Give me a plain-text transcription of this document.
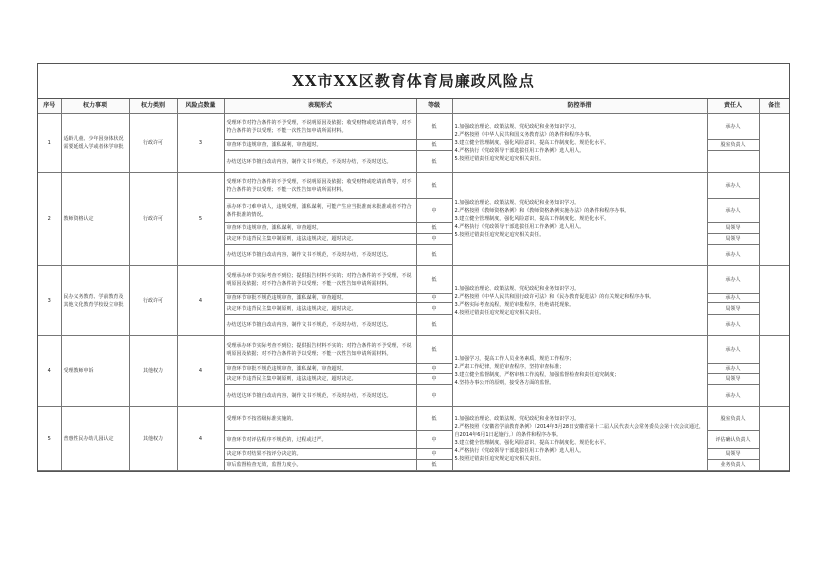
XX市XX区教育体育局廉政风险点
序号	权力事项	权力类别	风险点数量	表现形式	等级	防控举措	责任人	备注
1	适龄儿童、少年因身体状况需要延缓入学或者休学审批	行政许可	3	受理环节对符合条件的不予受理，不说明原因及依据；收受财物或吃请消费等，对不符合条件的予以受理；不能一次性告知申请所需材料。	低	1.加强政治理论、政策法规、党纪政纪和业务知识学习。
2.严格按照《中华人民共和国义务教育法》的条件和程序办事。
3.建立健全管理制度，强化风险意识，提高工作制度化、规范化水平。
4.严格执行《党政领导干部选拔任用工作条例》选人用人。
5.按照过错责任追究规定追究相关责任。	承办人	
				审查环节违规审查，滥私谋利，审查超时。	低		股室负责人	
				办结送达环节擅自改动内容，制作文书不规范，不及时办结，不及时送达。	低			
2	教师资格认定	行政许可	5	受理环节对符合条件的不予受理，不说明原因及依据；收受财物或吃请消费等，对不符合条件的予以受理；不能一次性告知申请所需材料。	低	1.加强政治理论、政策法规、党纪政纪和业务知识学习。
2.严格按照《教师资格条例》和《教师资格条例实施办法》的条件和程序办事。
3.建立健全管理制度，强化风险意识，提高工作制度化、规范化水平。
4.严格执行《党政领导干部选拔任用工作条例》选人用人。
5.按照过错责任追究规定追究相关责任。	承办人	
				承办环节刁难申请人，违规受理，滥私谋利，可能产生应当批准而未批准或者不符合条件批准的情况。	中		承办人	
				审查环节违规审查，滥私谋利，审查超时。	低		局领导	
				决定环节违背民主集中制原则，违法违规决定，超时决定。	中		局领导	
				办结送达环节擅自改动内容，制作文书不规范，不及时办结，不及时送达。	低		承办人	
3	民办义务教育、学前教育及其他文化教育学校设立审批	行政许可	4	受理承办环节实际考查不到位；提供报告材料不实的；对符合条件的不予受理，不说明原因及依据；对不符合条件的予以受理；不能一次性告知申请所需材料。	低	1.加强政治理论、政策法规、党纪政纪和业务知识学习。
2.严格按照《中华人民共和国行政许可法》和《民办教育促进法》的有关规定和程序办事。
3.严格实际考查流程，规范审批程序，杜绝请托现象。
4.按照过错责任追究规定追究相关责任。	承办人	
				审查环节审批不规范违规审查，滥私谋利，审查超时。	中		承办人	
				决定环节违背民主集中制原则，违法违规决定，超时决定。	中		局领导	
				办结送达环节擅自改动内容，制作文书不规范，不及时办结，不及时送达。	低		承办人	
4	受理教师申诉	其他权力	4	受理承办环节实际考查不到位；提供报告材料不实的；对符合条件的不予受理，不说明原因及依据；对不符合条件的予以受理；不能一次性告知申请所需材料。	低	1.加强学习，提高工作人员业务素质，规范工作程序；
2.严肃工作纪律，规范审查程序，坚持审查标准；
3.建立健全监督制度，严格审核工作流程，加强监督检查和责任追究制度；
4.坚持办事公开的原则，接受各方面的监督。	承办人	
				审查环节审批不规范违规审查，滥私谋利，审查超时。	中		承办人	
				决定环节违背民主集中制原则，违法违规决定，超时决定。	中		局领导	
				办结送达环节擅自改动内容，制作文书不规范，不及时办结，不及时送达。	中		承办人	
5	普惠性民办幼儿园认定	其他权力	4	受理环节不按省级标准实施的。	低	1.加强政治理论、政策法规、党纪政纪和业务知识学习。
2.严格按照《安徽省学前教育条例》（2014年3月28日安徽省第十二届人民代表大会常务委员会第十次会议通过，自2014年6月1日起施行。）的条件和程序办事。
3.建立健全管理制度，强化风险意识，提高工作制度化、规范化水平。
4.严格执行《党政领导干部选拔任用工作条例》选人用人。
5.按照过错责任追究规定追究相关责任。	股室负责人	
				审查环节对评估程序不规范的，过程或过严。	中		评估确认负责人	
				决定环节对结果不按评分决定的。	中		局领导	
				审后监督检查无效，监督力度小。	低		业务负责人	
